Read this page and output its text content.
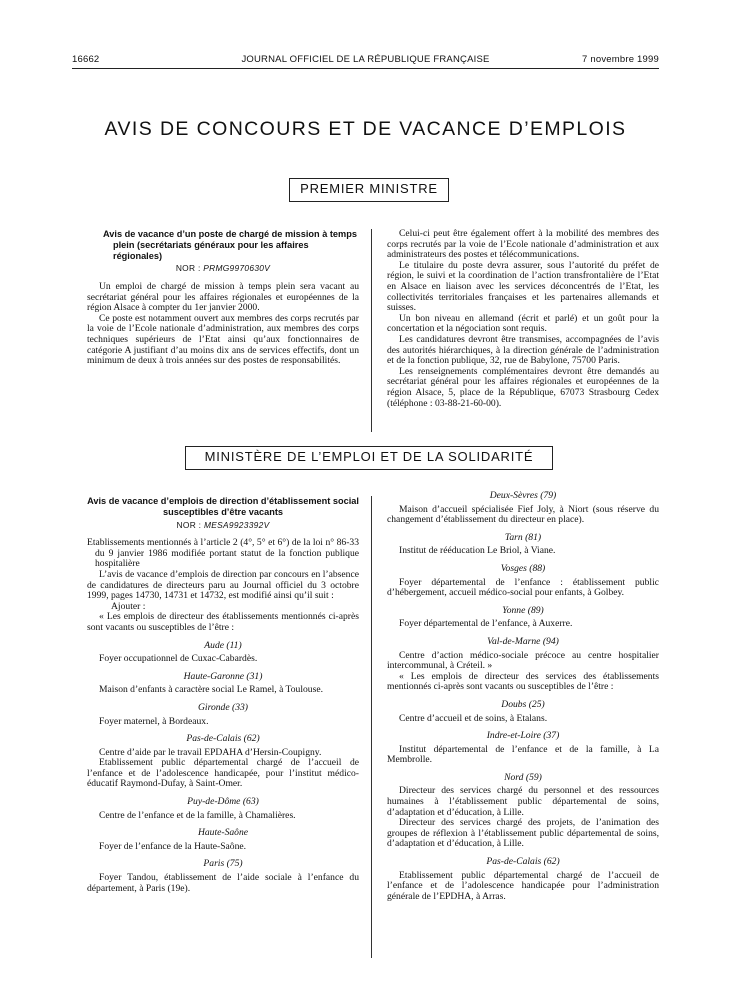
16662	JOURNAL OFFICIEL DE LA RÉPUBLIQUE FRANÇAISE	7 novembre 1999
AVIS DE CONCOURS ET DE VACANCE D’EMPLOIS
PREMIER MINISTRE
Avis de vacance d’un poste de chargé de mission à temps plein (secrétariats généraux pour les affaires régionales)
NOR : PRMG9970630V

Un emploi de chargé de mission à temps plein sera vacant au secrétariat général pour les affaires régionales et européennes de la région Alsace à compter du 1er janvier 2000.

Ce poste est notamment ouvert aux membres des corps recrutés par la voie de l’Ecole nationale d’administration, aux membres des corps techniques supérieurs de l’Etat ainsi qu’aux fonctionnaires de catégorie A justifiant d’au moins dix ans de services effectifs, dont un minimum de deux à trois années sur des postes de responsabilités.

Celui-ci peut être également offert à la mobilité des membres des corps recrutés par la voie de l’Ecole nationale d’administration et aux administrateurs des postes et télécommunications.

Le titulaire du poste devra assurer, sous l’autorité du préfet de région, le suivi et la coordination de l’action transfrontalière de l’Etat en Alsace en liaison avec les services déconcentrés de l’Etat, les collectivités territoriales françaises et les partenaires allemands et suisses.

Un bon niveau en allemand (écrit et parlé) et un goût pour la concertation et la négociation sont requis.

Les candidatures devront être transmises, accompagnées de l’avis des autorités hiérarchiques, à la direction générale de l’administration et de la fonction publique, 32, rue de Babylone, 75700 Paris.

Les renseignements complémentaires devront être demandés au secrétariat général pour les affaires régionales et européennes de la région Alsace, 5, place de la République, 67073 Strasbourg Cedex (téléphone : 03-88-21-60-00).

MINISTÈRE DE L’EMPLOI ET DE LA SOLIDARITÉ
Avis de vacance d’emplois de direction d’établissement social susceptibles d’être vacants
NOR : MESA9923392V

Etablissements mentionnés à l’article 2 (4°, 5° et 6°) de la loi n° 86-33 du 9 janvier 1986 modifiée portant statut de la fonction publique hospitalière

L’avis de vacance d’emplois de direction par concours en l’absence de candidatures de directeurs paru au Journal officiel du 3 octobre 1999, pages 14730, 14731 et 14732, est modifié ainsi qu’il suit :

Ajouter :

« Les emplois de directeur des établissements mentionnés ci-après sont vacants ou susceptibles de l’être :

Aude (11)

Foyer occupationnel de Cuxac-Cabardès.

Haute-Garonne (31)

Maison d’enfants à caractère social Le Ramel, à Toulouse.

Gironde (33)

Foyer maternel, à Bordeaux.

Pas-de-Calais (62)

Centre d’aide par le travail EPDAHA d’Hersin-Coupigny.

Etablissement public départemental chargé de l’accueil de l’enfance et de l’adolescence handicapée, pour l’institut médico-éducatif Raymond-Dufay, à Saint-Omer.

Puy-de-Dôme (63)

Centre de l’enfance et de la famille, à Chamalières.

Haute-Saône

Foyer de l’enfance de la Haute-Saône.

Paris (75)

Foyer Tandou, établissement de l’aide sociale à l’enfance du département, à Paris (19e).

Deux-Sèvres (79)

Maison d’accueil spécialisée Fief Joly, à Niort (sous réserve du changement d’établissement du directeur en place).

Tarn (81)

Institut de rééducation Le Briol, à Viane.

Vosges (88)

Foyer départemental de l’enfance : établissement public d’hébergement, accueil médico-social pour enfants, à Golbey.

Yonne (89)

Foyer départemental de l’enfance, à Auxerre.

Val-de-Marne (94)

Centre d’action médico-sociale précoce au centre hospitalier intercommunal, à Créteil. »

« Les emplois de directeur des services des établissements mentionnés ci-après sont vacants ou susceptibles de l’être :

Doubs (25)

Centre d’accueil et de soins, à Etalans.

Indre-et-Loire (37)

Institut départemental de l’enfance et de la famille, à La Membrolle.

Nord (59)

Directeur des services chargé du personnel et des ressources humaines à l’établissement public départemental de soins, d’adaptation et d’éducation, à Lille.

Directeur des services chargé des projets, de l’animation des groupes de réflexion à l’établissement public départemental de soins, d’adaptation et d’éducation, à Lille.

Pas-de-Calais (62)

Etablissement public départemental chargé de l’accueil de l’enfance et de l’adolescence handicapée pour l’administration générale de l’EPDHA, à Arras.
